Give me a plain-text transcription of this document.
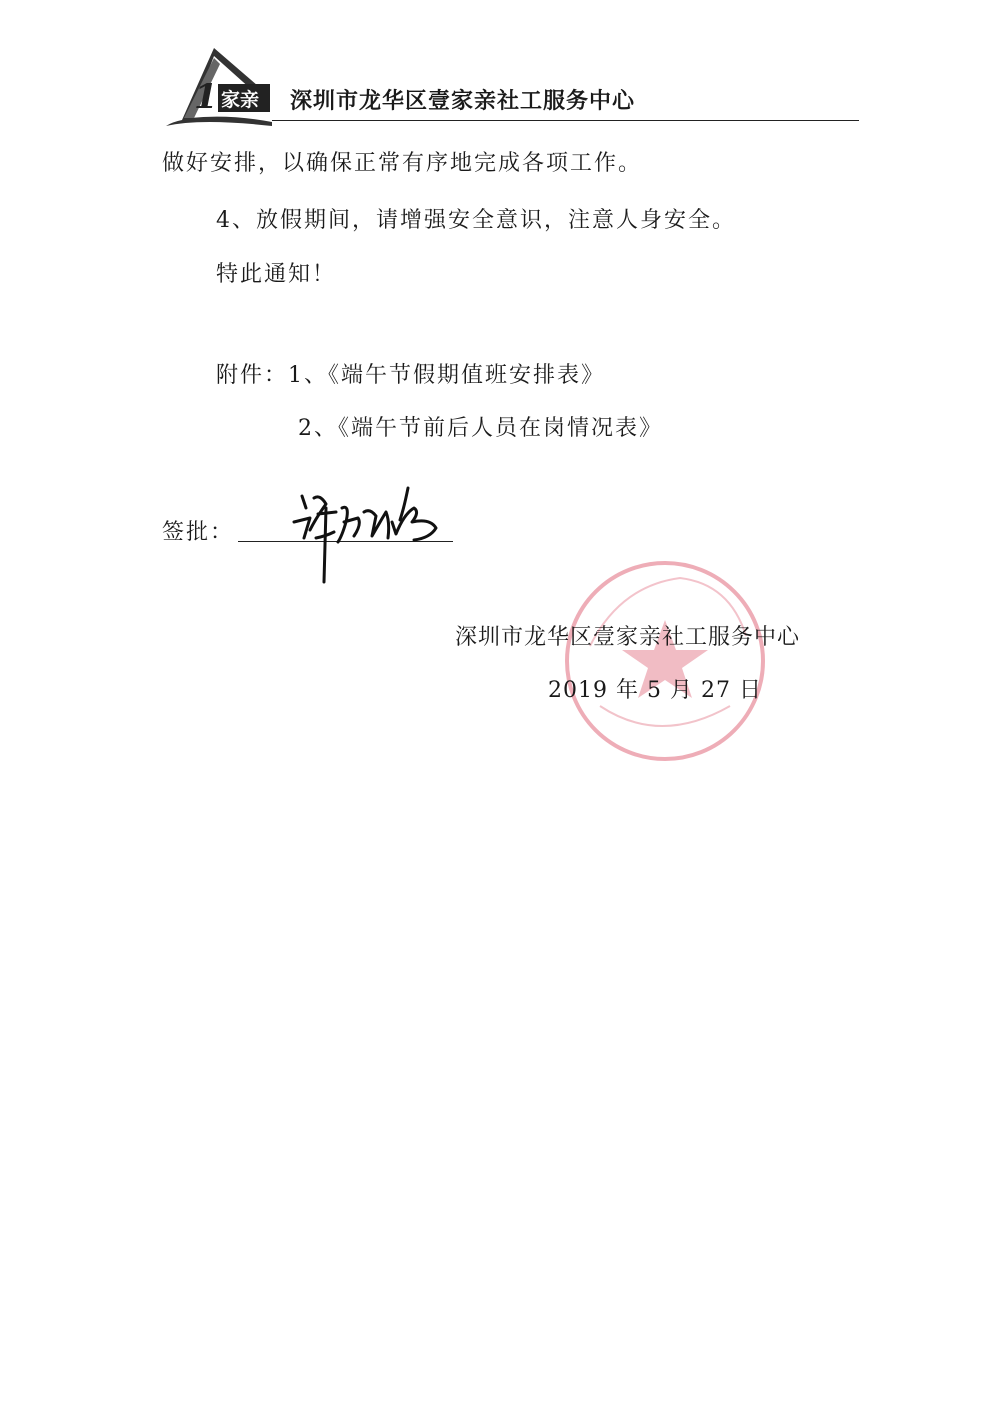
1 家亲 深圳市龙华区壹家亲社工服务中心
做好安排，以确保正常有序地完成各项工作。
4、放假期间，请增强安全意识，注意人身安全。
特此通知！
附件：1、《端午节假期值班安排表》
2、《端午节前后人员在岗情况表》
签批：
深圳市龙华区壹家亲社工服务中心
2019 年 5 月 27 日
